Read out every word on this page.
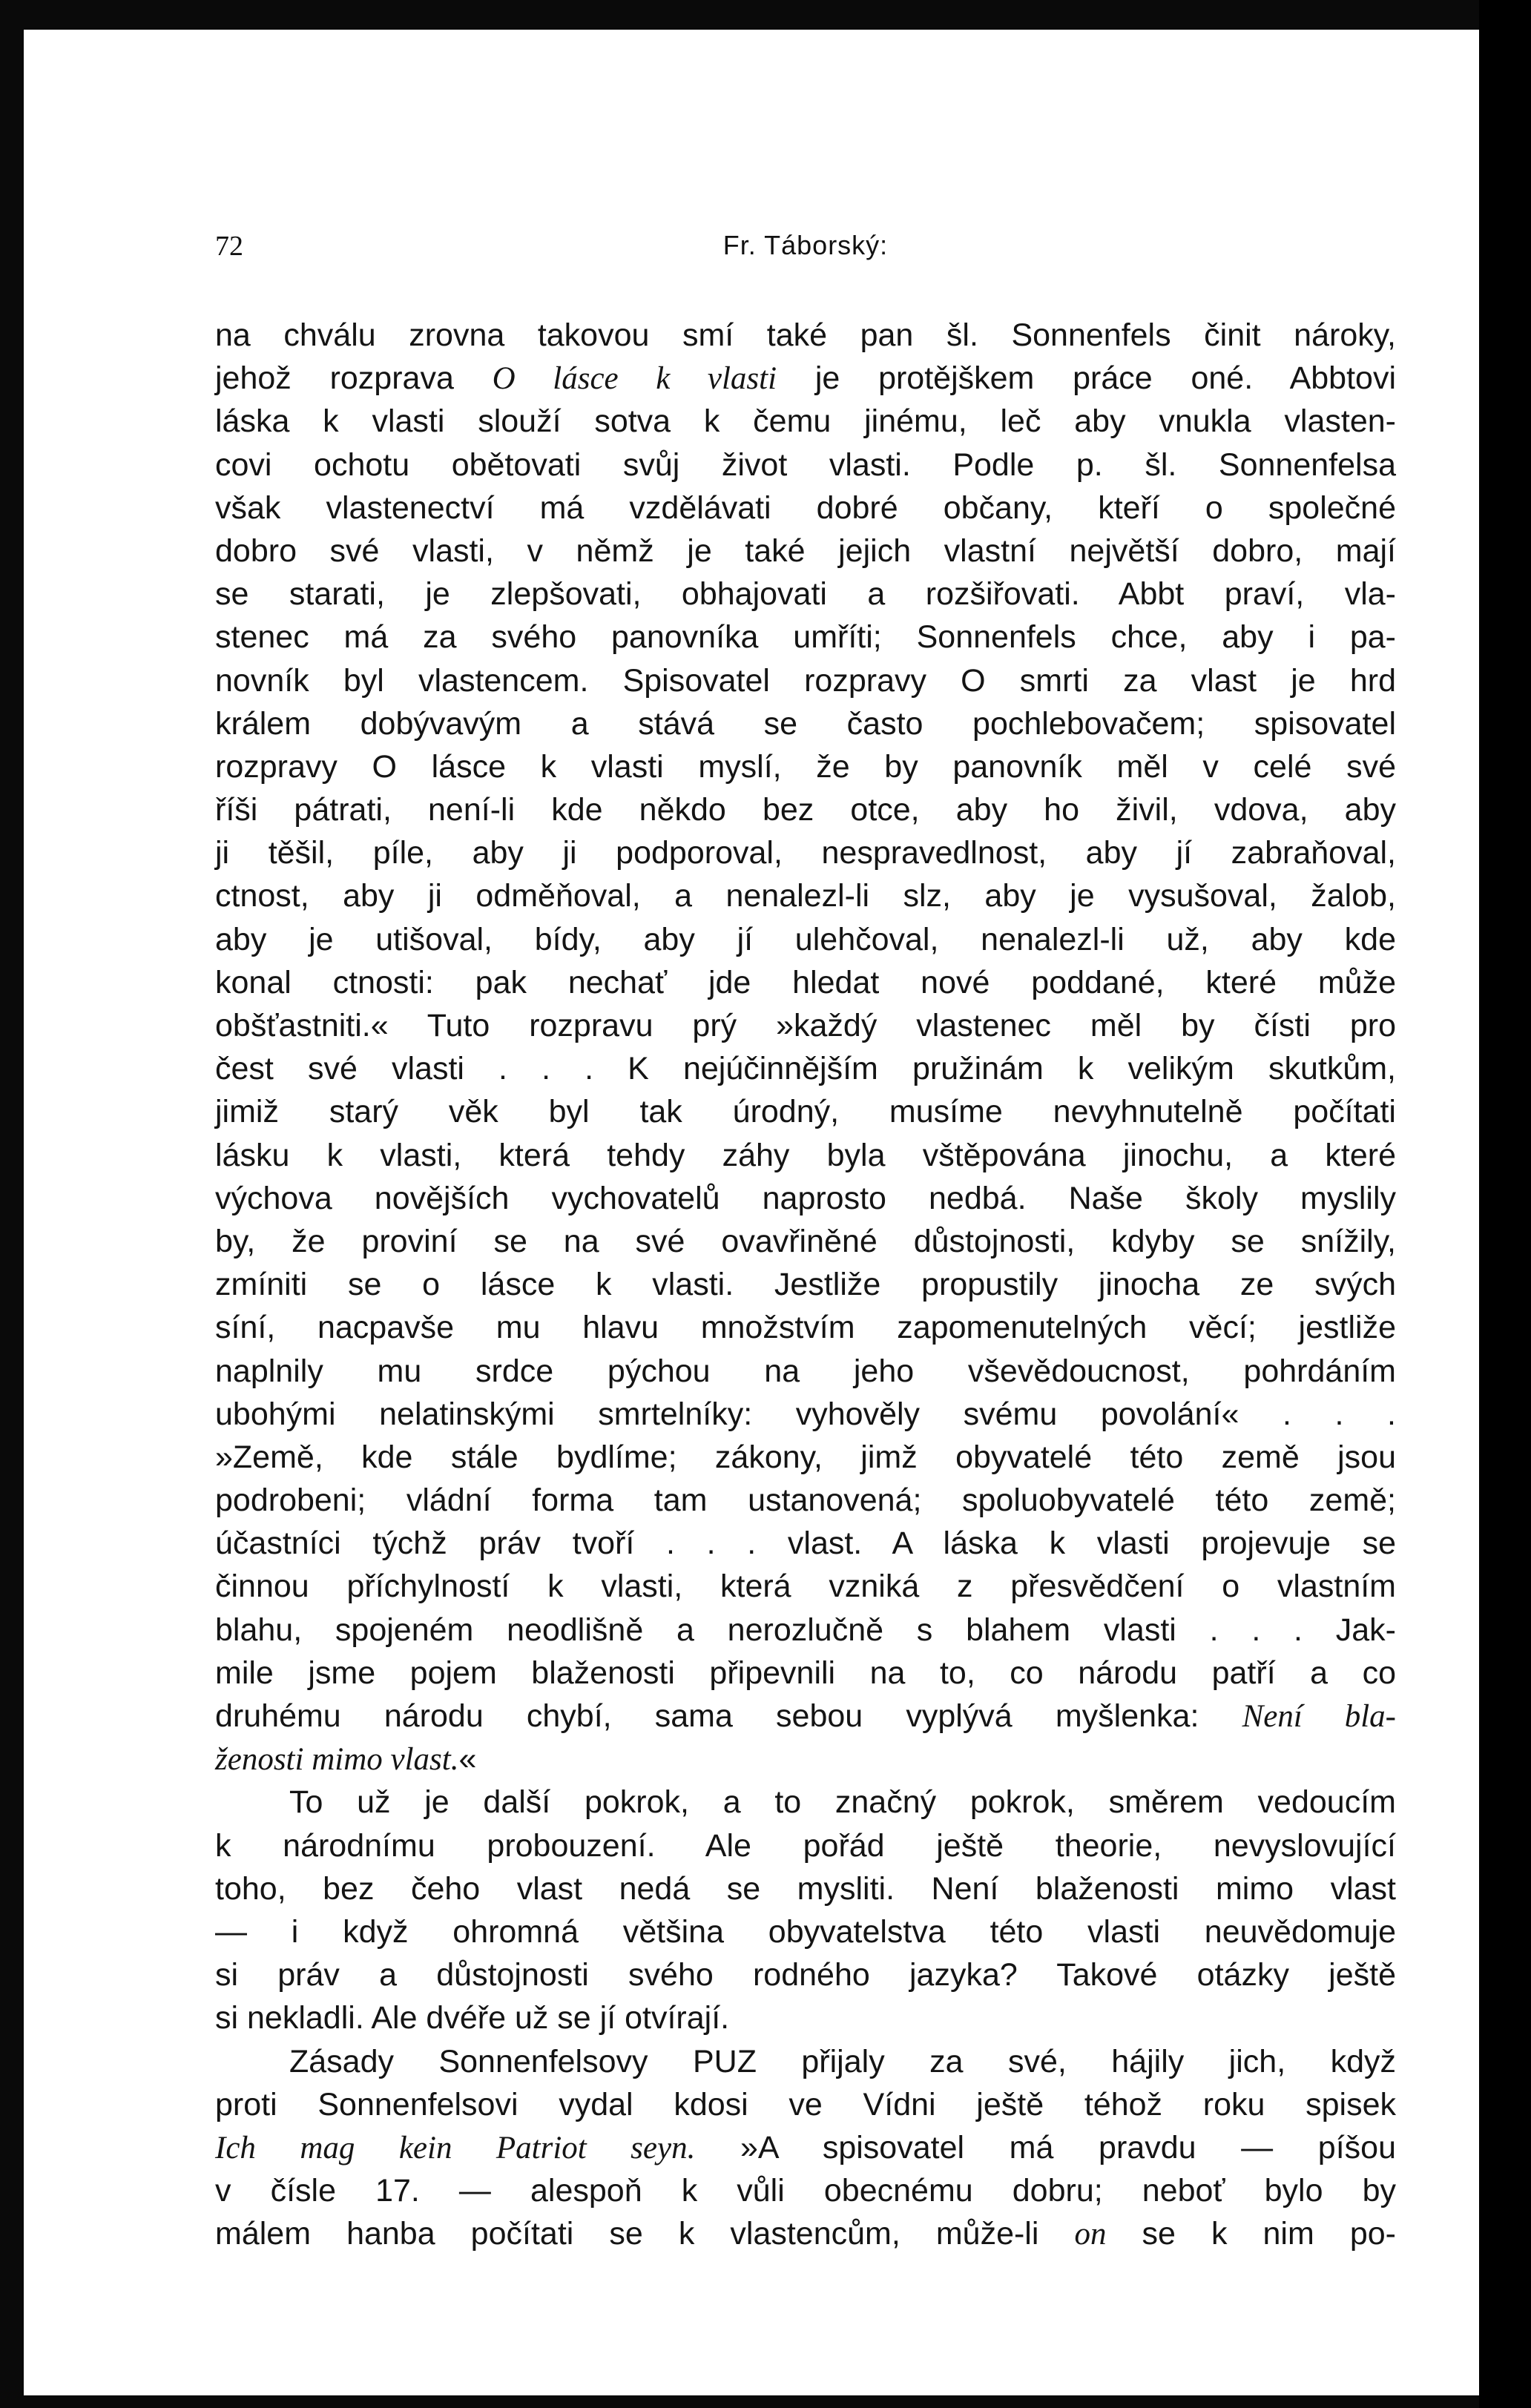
72	Fr. Táborský:
na chválu zrovna takovou smí také pan šl. Sonnenfels činit nároky,
jehož rozprava O lásce k vlasti je protějškem práce oné. Abbtovi
láska k vlasti slouží sotva k čemu jinému, leč aby vnukla vlasten-
covi ochotu obětovati svůj život vlasti. Podle p. šl. Sonnenfelsa
však vlastenectví má vzdělávati dobré občany, kteří o společné
dobro své vlasti, v němž je také jejich vlastní největší dobro, mají
se starati, je zlepšovati, obhajovati a rozšiřovati. Abbt praví, vla-
stenec má za svého panovníka umříti; Sonnenfels chce, aby i pa-
novník byl vlastencem. Spisovatel rozpravy O smrti za vlast je hrd
králem dobývavým a stává se často pochlebovačem; spisovatel
rozpravy O lásce k vlasti myslí, že by panovník měl v celé své
říši pátrati, není-li kde někdo bez otce, aby ho živil, vdova, aby
ji těšil, píle, aby ji podporoval, nespravedlnost, aby jí zabraňoval,
ctnost, aby ji odměňoval, a nenalezl-li slz, aby je vysušoval, žalob,
aby je utišoval, bídy, aby jí ulehčoval, nenalezl-li už, aby kde
konal ctnosti: pak nechať jde hledat nové poddané, které může
obšťastniti.« Tuto rozpravu prý »každý vlastenec měl by čísti pro
čest své vlasti . . . K nejúčinnějším pružinám k velikým skutkům,
jimiž starý věk byl tak úrodný, musíme nevyhnutelně počítati
lásku k vlasti, která tehdy záhy byla vštěpována jinochu, a které
výchova novějších vychovatelů naprosto nedbá. Naše školy myslily
by, že proviní se na své ovavřiněné důstojnosti, kdyby se snížily,
zmíniti se o lásce k vlasti. Jestliže propustily jinocha ze svých
síní, nacpavše mu hlavu množstvím zapomenutelných věcí; jestliže
naplnily mu srdce pýchou na jeho vševědoucnost, pohrdáním
ubohými nelatinskými smrtelníky: vyhověly svému povolání« . . .
»Země, kde stále bydlíme; zákony, jimž obyvatelé této země jsou
podrobeni; vládní forma tam ustanovená; spoluobyvatelé této země;
účastníci týchž práv tvoří . . . vlast. A láska k vlasti projevuje se
činnou příchylností k vlasti, která vzniká z přesvědčení o vlastním
blahu, spojeném neodlišně a nerozlučně s blahem vlasti . . . Jak-
mile jsme pojem blaženosti připevnili na to, co národu patří a co
druhému národu chybí, sama sebou vyplývá myšlenka: Není bla-
ženosti mimo vlast.«
To už je další pokrok, a to značný pokrok, směrem vedoucím
k národnímu probouzení. Ale pořád ještě theorie, nevyslovující
toho, bez čeho vlast nedá se mysliti. Není blaženosti mimo vlast
— i když ohromná většina obyvatelstva této vlasti neuvědomuje
si práv a důstojnosti svého rodného jazyka? Takové otázky ještě
si nekladli. Ale dvéře už se jí otvírají.
Zásady Sonnenfelsovy PUZ přijaly za své, hájily jich, když
proti Sonnenfelsovi vydal kdosi ve Vídni ještě téhož roku spisek
Ich mag kein Patriot seyn. »A spisovatel má pravdu — píšou
v čísle 17. — alespoň k vůli obecnému dobru; neboť bylo by
málem hanba počítati se k vlastencům, může-li on se k nim po-
